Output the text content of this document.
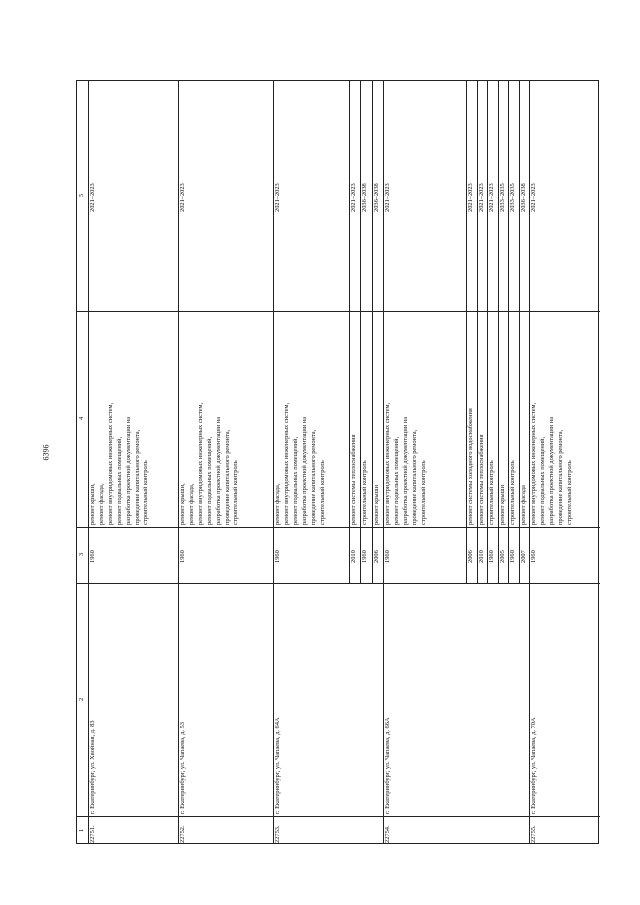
6396
1
2
3
4
5
22751.
г. Екатеринбург, ул. Хвойная, д. 83
1960
ремонт крыши, ремонт фасада, ремонт внутридомовых инженерных систем, ремонт подвальных помещений, разработка проектной документации на проведение капитального ремонта, строительный контроль
2021–2023
22752.
г. Екатеринбург, ул. Чапаева, д. 53
1960
ремонт крыши, ремонт фасада, ремонт внутридомовых инженерных систем, ремонт подвальных помещений, разработка проектной документации на проведение капитального ремонта, строительный контроль
2021–2023
22753.
г. Екатеринбург, ул. Чапаева, д. 64А
1960
ремонт фасада, ремонт внутридомовых инженерных систем, ремонт подвальных помещений, разработка проектной документации на проведение капитального ремонта, строительный контроль
2021–2023
2010
ремонт системы теплоснабжения
2021–2023
1960
строительный контроль
2036–2038
2006
ремонт крыши
2036–2038
22754.
г. Екатеринбург, ул. Чапаева, д. 66А
1960
ремонт внутридомовых инженерных систем, ремонт подвальных помещений, разработка проектной документации на проведение капитального ремонта, строительный контроль
2021–2023
2006
ремонт системы холодного водоснабжения
2021–2023
2010
ремонт системы теплоснабжения
2021–2023
1960
строительный контроль
2021–2023
2005
ремонт крыши
2033–2035
1960
строительный контроль
2033–2035
2007
ремонт фасада
2036–2038
22755.
г. Екатеринбург, ул. Чапаева, д. 70А
1960
ремонт внутридомовых инженерных систем, ремонт подвальных помещений, разработка проектной документации на проведение капитального ремонта, строительный контроль
2021–2023
